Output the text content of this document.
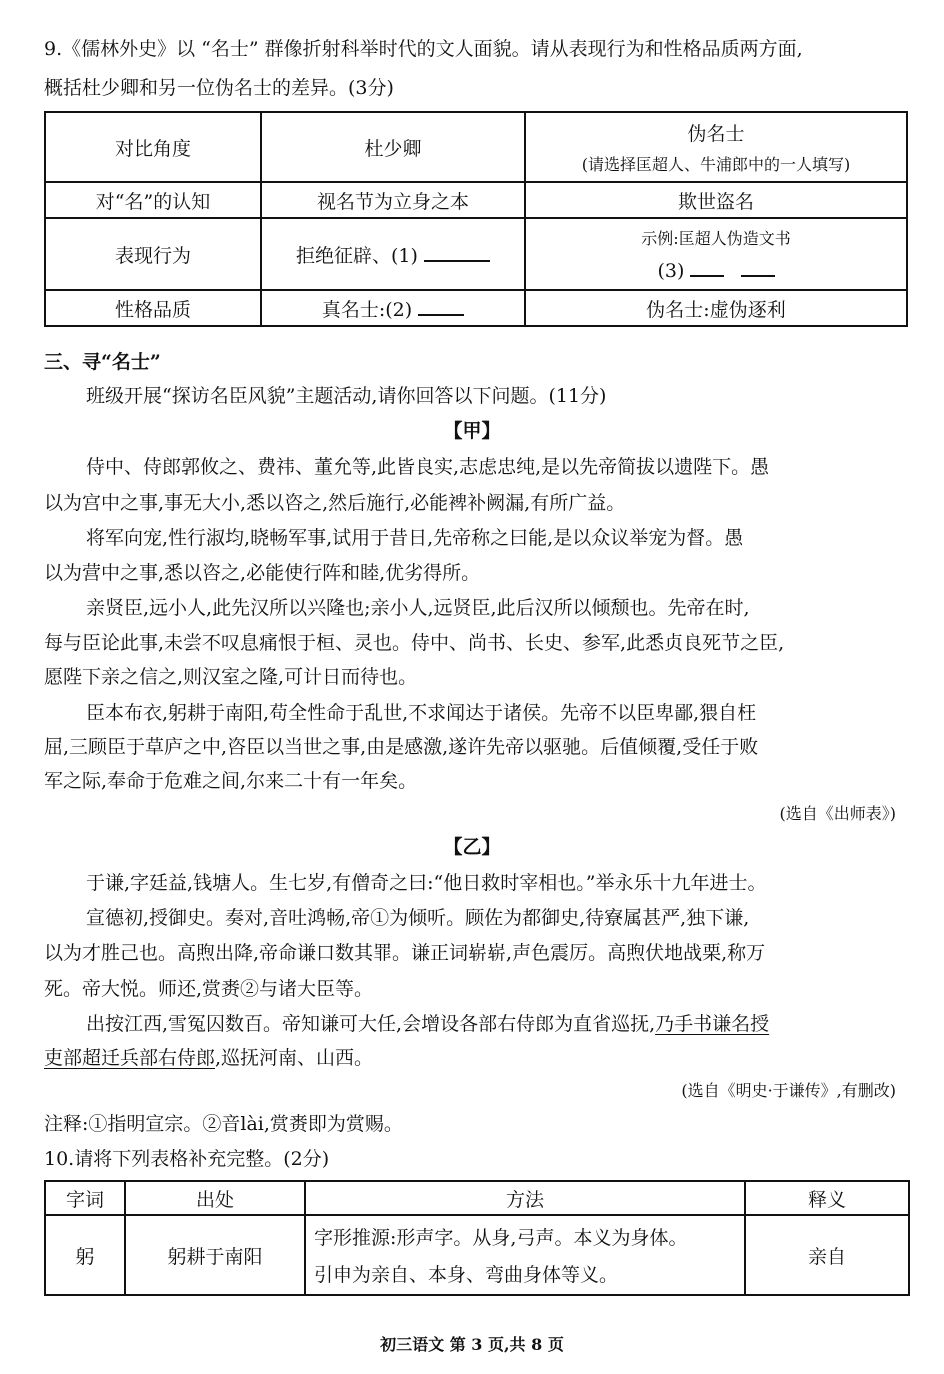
9.《儒林外史》以 “名士” 群像折射科举时代的文人面貌。请从表现行为和性格品质两方面,
概括杜少卿和另一位伪名士的差异。(3分)
对比角度	杜少卿	伪名士
(请选择匡超人、牛浦郎中的一人填写)

对“名”的认知	视名节为立身之本	欺世盗名
表现行为	拒绝征辟、(1)	示例:匡超人伪造文书
(3)

性格品质	真名士:(2)	伪名士:虚伪逐利
三、寻“名士”
班级开展“探访名臣风貌”主题活动,请你回答以下问题。(11分)
【甲】
侍中、侍郎郭攸之、费祎、董允等,此皆良实,志虑忠纯,是以先帝简拔以遗陛下。愚
以为宫中之事,事无大小,悉以咨之,然后施行,必能裨补阙漏,有所广益。
将军向宠,性行淑均,晓畅军事,试用于昔日,先帝称之曰能,是以众议举宠为督。愚
以为营中之事,悉以咨之,必能使行阵和睦,优劣得所。
亲贤臣,远小人,此先汉所以兴隆也;亲小人,远贤臣,此后汉所以倾颓也。先帝在时,
每与臣论此事,未尝不叹息痛恨于桓、灵也。侍中、尚书、长史、参军,此悉贞良死节之臣,
愿陛下亲之信之,则汉室之隆,可计日而待也。
臣本布衣,躬耕于南阳,苟全性命于乱世,不求闻达于诸侯。先帝不以臣卑鄙,猥自枉
屈,三顾臣于草庐之中,咨臣以当世之事,由是感激,遂许先帝以驱驰。后值倾覆,受任于败
军之际,奉命于危难之间,尔来二十有一年矣。
(选自《出师表》)
【乙】
于谦,字廷益,钱塘人。生七岁,有僧奇之曰:“他日救时宰相也。”举永乐十九年进士。
宣德初,授御史。奏对,音吐鸿畅,帝①为倾听。顾佐为都御史,待寮属甚严,独下谦,
以为才胜己也。高煦出降,帝命谦口数其罪。谦正词崭崭,声色震厉。高煦伏地战栗,称万
死。帝大悦。师还,赏赉②与诸大臣等。
出按江西,雪冤囚数百。帝知谦可大任,会增设各部右侍郎为直省巡抚,乃手书谦名授
吏部超迁兵部右侍郎,巡抚河南、山西。
(选自《明史·于谦传》,有删改)
注释:①指明宣宗。②音lài,赏赉即为赏赐。
10.请将下列表格补充完整。(2分)
字词	出处	方法	释义
躬	躬耕于南阳	字形推源:形声字。从身,弓声。本义为身体。
引申为亲自、本身、弯曲身体等义。	亲自
初三语文 第 3 页,共 8 页
